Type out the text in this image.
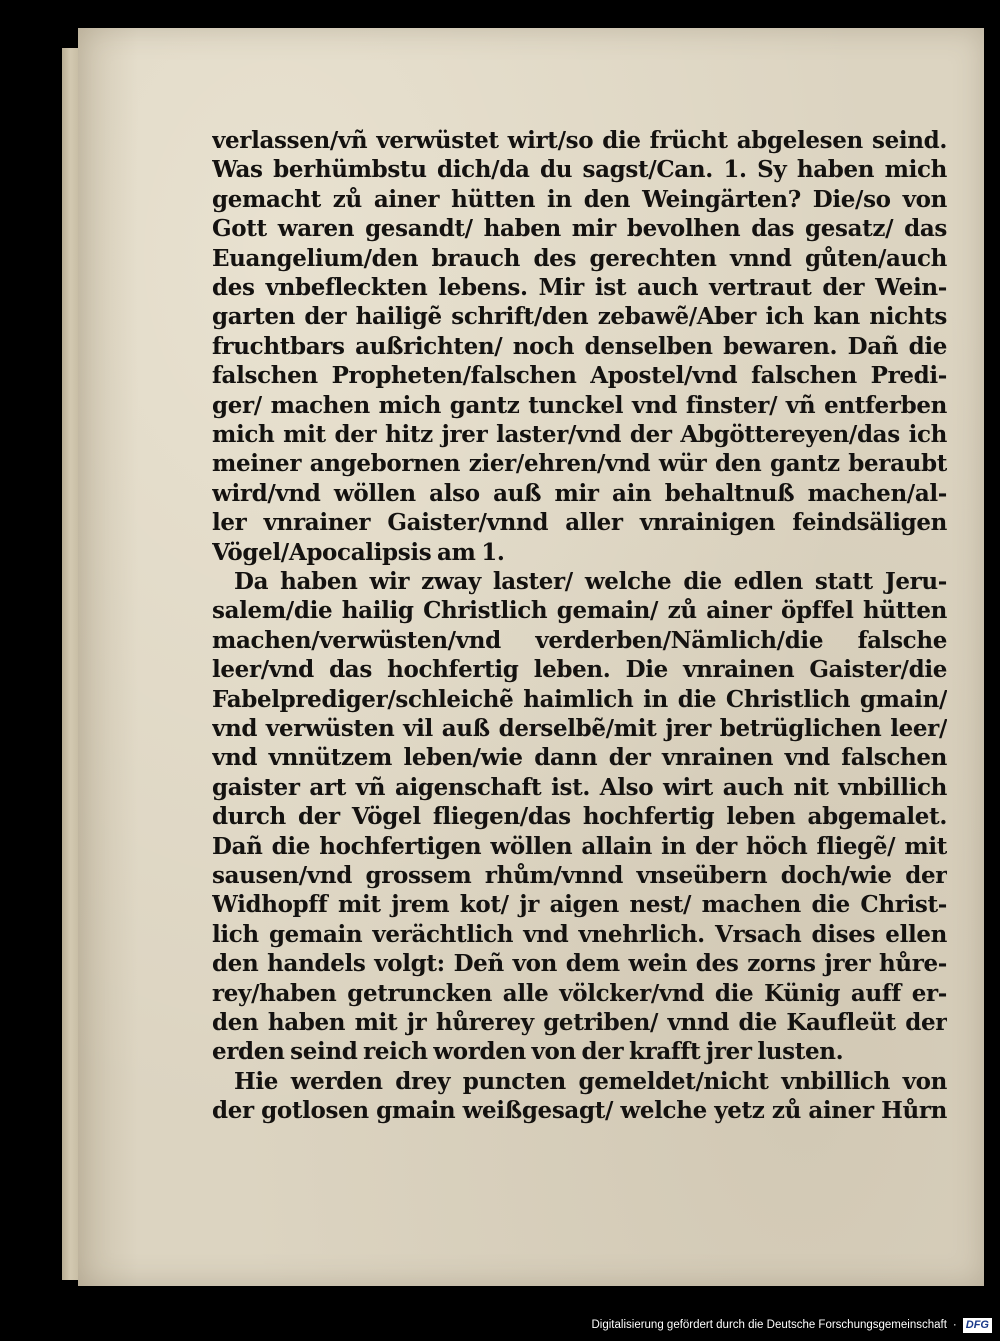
verlassen/vñ verwüstet wirt/so die frücht abgelesen seind.
Was berhümbstu dich/da du sagst/Can. 1. Sy haben mich
gemacht zů ainer hütten in den Weingärten? Die/so von
Gott waren gesandt/ haben mir bevolhen das gesatz/ das
Euangelium/den brauch des gerechten vnnd gůten/auch
des vnbefleckten lebens. Mir ist auch vertraut der Wein-
garten der hailigẽ schrift/den zebawẽ/Aber ich kan nichts
fruchtbars außrichten/ noch denselben bewaren. Dañ die
falschen Propheten/falschen Apostel/vnd falschen Predi-
ger/ machen mich gantz tunckel vnd finster/ vñ entferben
mich mit der hitz jrer laster/vnd der Abgöttereyen/das ich
meiner angebornen zier/ehren/vnd wür den gantz beraubt
wird/vnd wöllen also auß mir ain behaltnuß machen/al-
ler vnrainer Gaister/vnnd aller vnrainigen feindsäligen
Vögel/Apocalipsis am 1.
Da haben wir zway laster/ welche die edlen statt Jeru-
salem/die hailig Christlich gemain/ zů ainer öpffel hütten
machen/verwüsten/vnd verderben/Nämlich/die falsche
leer/vnd das hochfertig leben. Die vnrainen Gaister/die
Fabelprediger/schleichẽ haimlich in die Christlich gmain/
vnd verwüsten vil auß derselbẽ/mit jrer betrüglichen leer/
vnd vnnützem leben/wie dann der vnrainen vnd falschen
gaister art vñ aigenschaft ist. Also wirt auch nit vnbillich
durch der Vögel fliegen/das hochfertig leben abgemalet.
Dañ die hochfertigen wöllen allain in der höch fliegẽ/ mit
sausen/vnd grossem rhům/vnnd vnseübern doch/wie der
Widhopff mit jrem kot/ jr aigen nest/ machen die Christ-
lich gemain verächtlich vnd vnehrlich. Vrsach dises ellen
den handels volgt: Deñ von dem wein des zorns jrer hůre-
rey/haben getruncken alle völcker/vnd die Künig auff er-
den haben mit jr hůrerey getriben/ vnnd die Kaufleüt der
erden seind reich worden von der krafft jrer lusten.
Hie werden drey puncten gemeldet/nicht vnbillich von
der gotlosen gmain weißgesagt/ welche yetz zů ainer Hůrn
Digitalisierung gefördert durch die Deutsche Forschungsgemeinschaft · DFG
